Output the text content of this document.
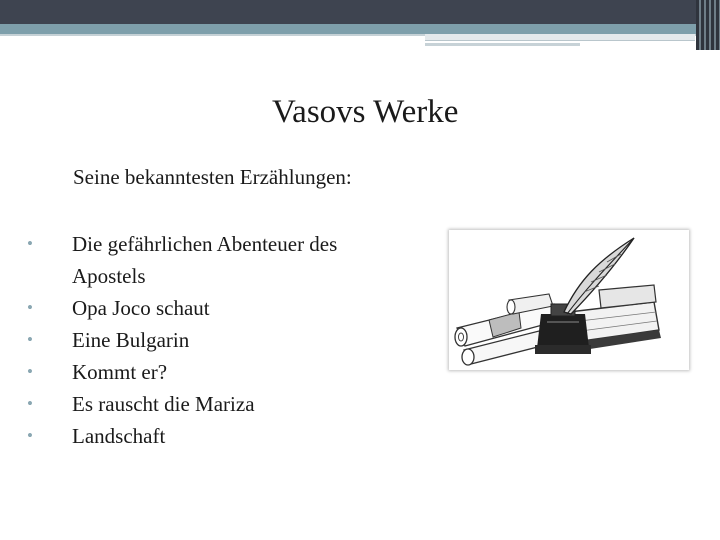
Vasovs Werke
Seine bekanntesten Erzählungen:
• Die gefährlichen Abenteuer des Apostels
• Opa Joco schaut
• Eine Bulgarin
• Kommt er?
• Es rauscht die Mariza
• Landschaft
